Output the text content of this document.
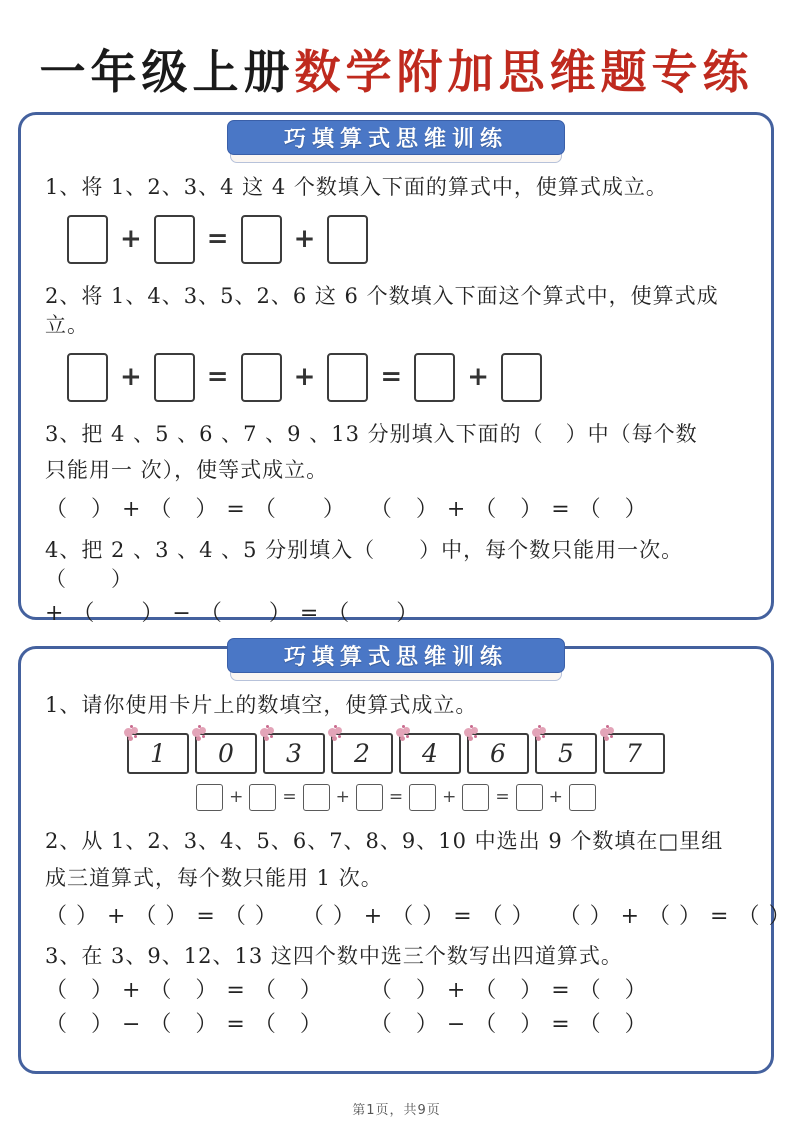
一年级上册数学附加思维题专练
巧填算式思维训练
1、将 1、2、3、4 这 4 个数填入下面的算式中，使算式成立。
+	=	+
2、将 1、4、3、5、2、6 这 6 个数填入下面这个算式中，使算式成立。
+	=	+	=	+
3、把 4 、5 、6 、7 、9 、13 分别填入下面的（　）中（每个数
只能用一 次），使等式成立。
（　） + （　） = （　　）　　（　） + （　） = （　）
4、把 2 、3 、4 、5 分别填入（　　）中，每个数只能用一次。（　　）
+ （　　） − （　　） = （　　）
巧填算式思维训练
1、请你使用卡片上的数填空，使算式成立。
1 0 3 2 4 6 5 7
+	=	+	=	+	=	+
2、从 1、2、3、4、5、6、7、8、9、10 中选出 9 个数填在□里组
成三道算式，每个数只能用 1 次。
（ ） + （ ） = （ ）　　（ ） + （ ） = （ ）　　（ ） + （ ） = （ ）
3、在 3、9、12、13 这四个数中选三个数写出四道算式。
（　） + （　） = （　）　　　（　） + （　） = （　）
（　） − （　） = （　）　　　（　） − （　） = （　）
第1页，共9页
